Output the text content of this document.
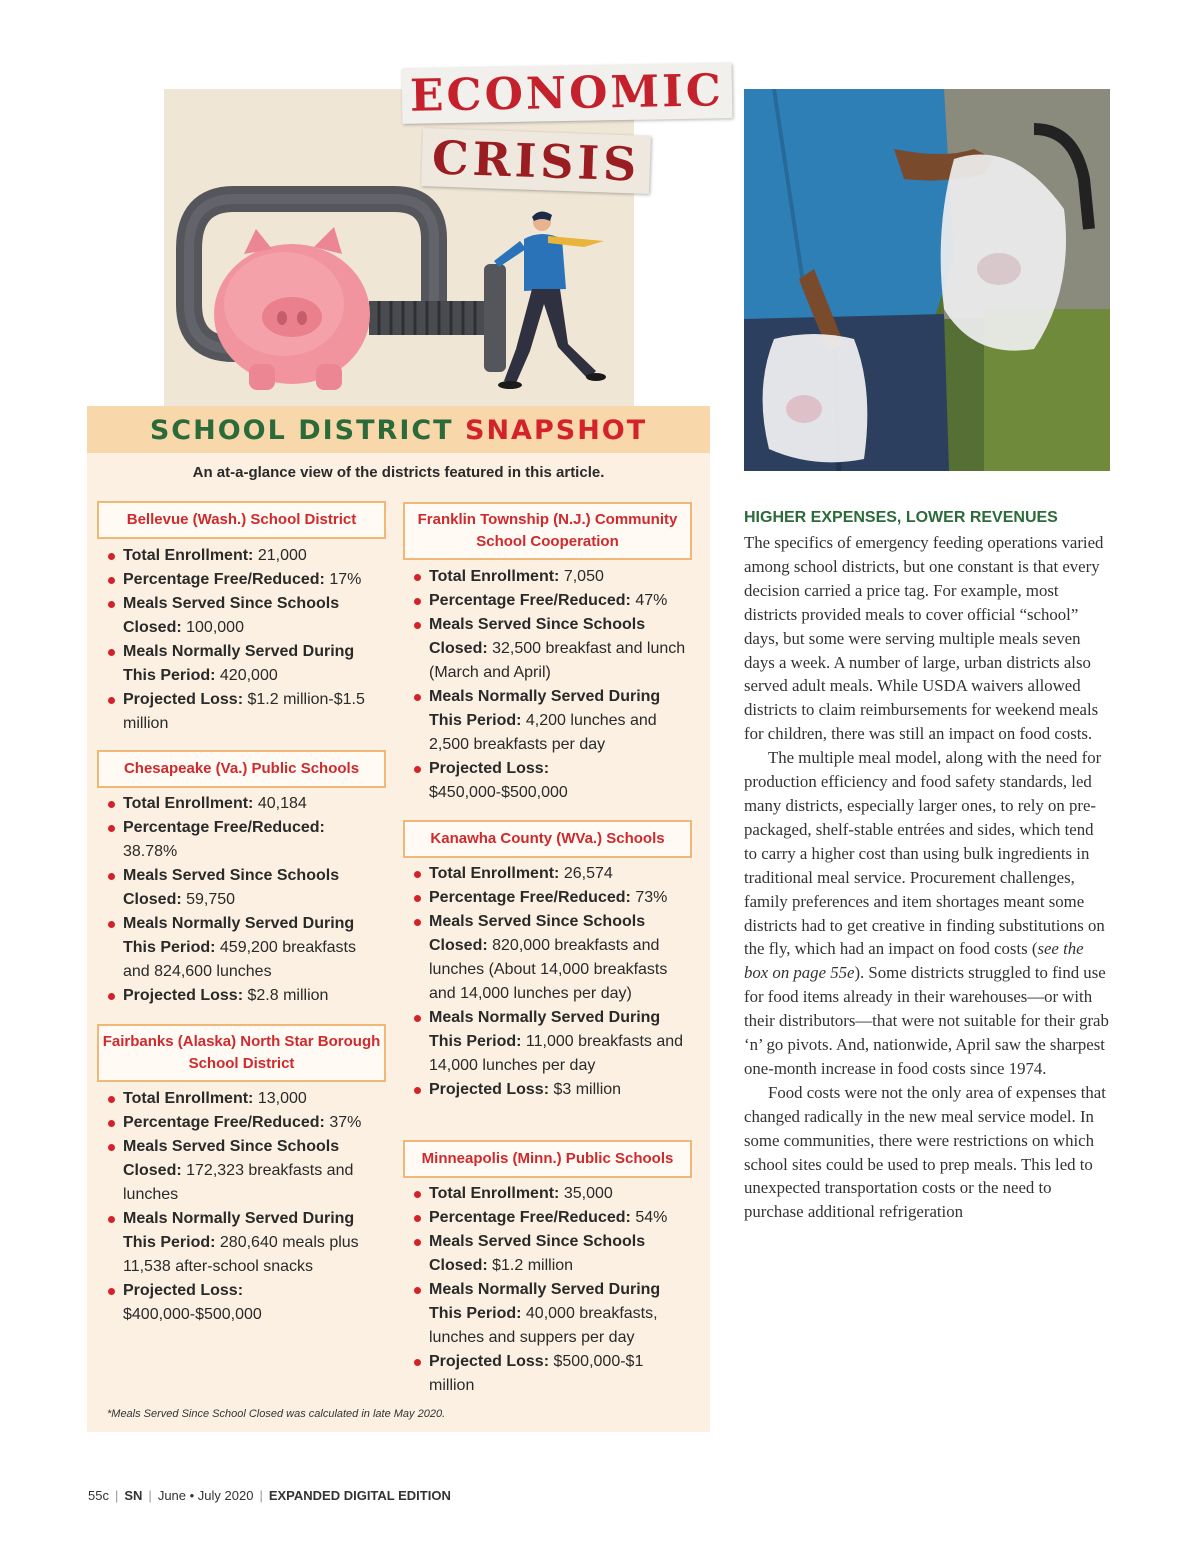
ECONOMIC
CRISIS
SCHOOL DISTRICT SNAPSHOT
An at-a-glance view of the districts featured in this article.
Bellevue (Wash.) School District
Total Enrollment: 21,000
Percentage Free/Reduced: 17%
Meals Served Since Schools Closed: 100,000
Meals Normally Served During This Period: 420,000
Projected Loss: $1.2 million-$1.5 million
Chesapeake (Va.) Public Schools
Total Enrollment: 40,184
Percentage Free/Reduced: 38.78%
Meals Served Since Schools Closed: 59,750
Meals Normally Served During This Period: 459,200 breakfasts and 824,600 lunches
Projected Loss: $2.8 million
Fairbanks (Alaska) North Star Borough School District
Total Enrollment: 13,000
Percentage Free/Reduced: 37%
Meals Served Since Schools Closed: 172,323 breakfasts and lunches
Meals Normally Served During This Period: 280,640 meals plus 11,538 after-school snacks
Projected Loss: $400,000-$500,000
Franklin Township (N.J.) Community School Cooperation
Total Enrollment: 7,050
Percentage Free/Reduced: 47%
Meals Served Since Schools Closed: 32,500 breakfast and lunch (March and April)
Meals Normally Served During This Period: 4,200 lunches and 2,500 breakfasts per day
Projected Loss: $450,000-$500,000
Kanawha County (WVa.) Schools
Total Enrollment: 26,574
Percentage Free/Reduced: 73%
Meals Served Since Schools Closed: 820,000 breakfasts and lunches (About 14,000 breakfasts and 14,000 lunches per day)
Meals Normally Served During This Period: 11,000 breakfasts and 14,000 lunches per day
Projected Loss: $3 million
Minneapolis (Minn.) Public Schools
Total Enrollment: 35,000
Percentage Free/Reduced: 54%
Meals Served Since Schools Closed: $1.2 million
Meals Normally Served During This Period: 40,000 breakfasts, lunches and suppers per day
Projected Loss: $500,000-$1 million
*Meals Served Since School Closed was calculated in late May 2020.
HIGHER EXPENSES, LOWER REVENUES

The specifics of emergency feeding operations varied among school districts, but one constant is that every decision carried a price tag. For example, most districts provided meals to cover official “school” days, but some were serving multiple meals seven days a week. A number of large, urban districts also served adult meals. While USDA waivers allowed districts to claim reimbursements for weekend meals for children, there was still an impact on food costs.

The multiple meal model, along with the need for production efficiency and food safety standards, led many districts, especially larger ones, to rely on pre-packaged, shelf-stable entrées and sides, which tend to carry a higher cost than using bulk ingredients in traditional meal service. Procurement challenges, family preferences and item shortages meant some districts had to get creative in finding substitutions on the fly, which had an impact on food costs (see the box on page 55e). Some districts struggled to find use for food items already in their warehouses—or with their distributors—that were not suitable for their grab ‘n’ go pivots. And, nationwide, April saw the sharpest one-month increase in food costs since 1974.

Food costs were not the only area of expenses that changed radically in the new meal service model. In some communities, there were restrictions on which school sites could be used to prep meals. This led to unexpected transportation costs or the need to purchase additional refrigeration

55c | SN | June • July 2020 | EXPANDED DIGITAL EDITION
